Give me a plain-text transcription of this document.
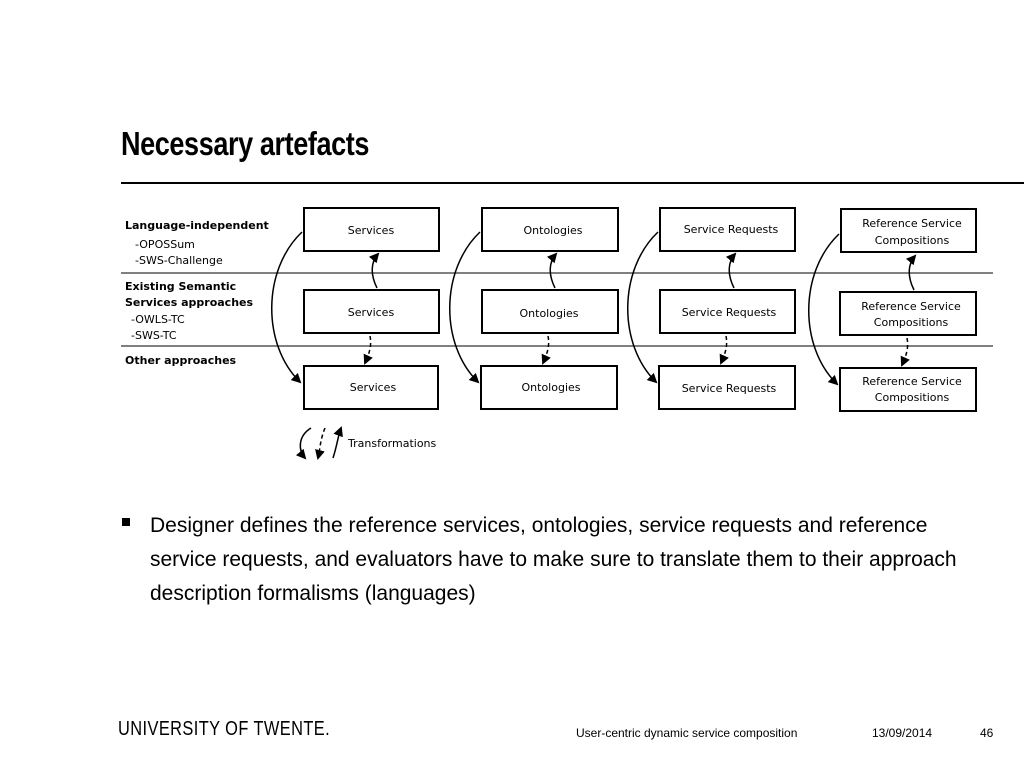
Necessary artefacts
Language-independent
-OPOSSum
-SWS-Challenge
Existing Semantic
Services approaches
-OWLS-TC
-SWS-TC
Other approaches
Services
Services
Services
Ontologies
Ontologies
Ontologies
Service Requests
Service Requests
Service Requests
Reference Service
Compositions
Reference Service
Compositions
Reference Service
Compositions
Transformations
Designer defines the reference services, ontologies, service requests and reference service requests, and evaluators have to make sure to translate them to their approach description formalisms (languages)
UNIVERSITY OF TWENTE.	User-centric dynamic service composition	13/09/2014	46
